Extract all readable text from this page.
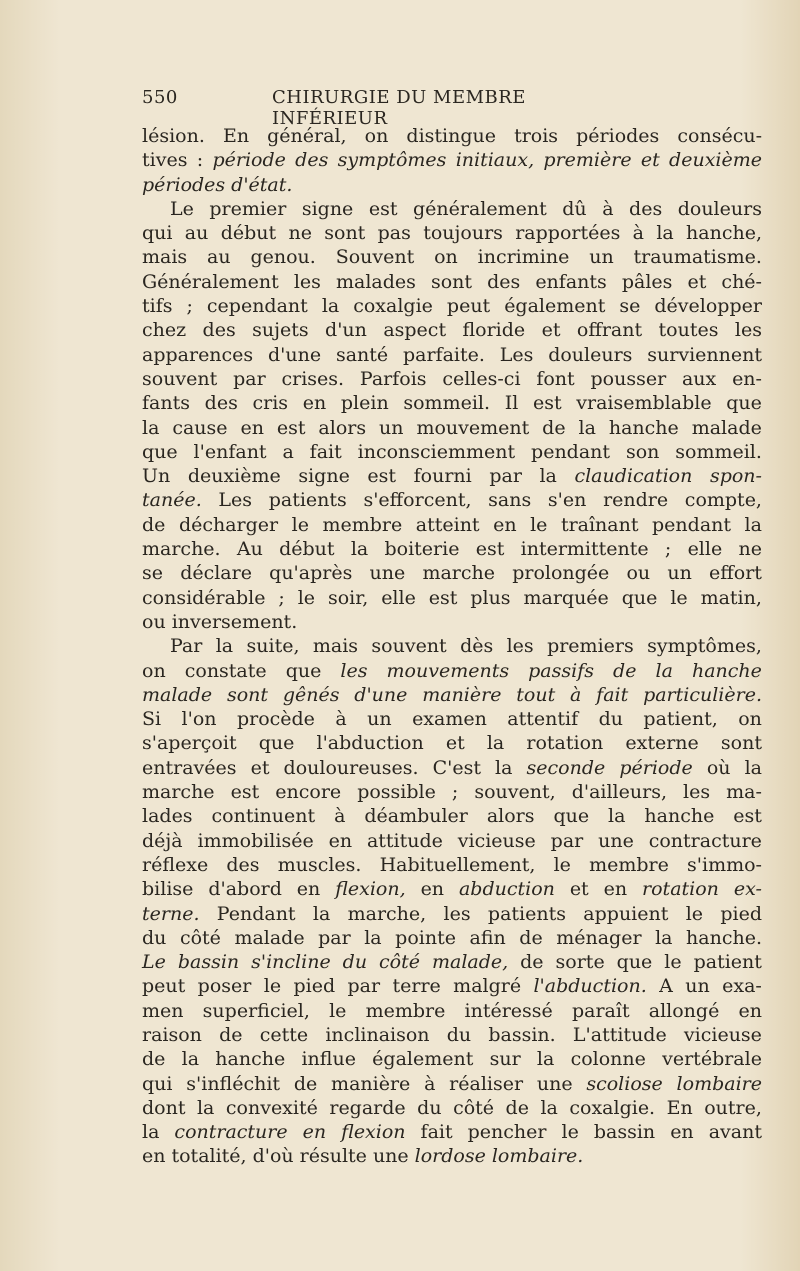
550	CHIRURGIE DU MEMBRE INFÉRIEUR
lésion. En général, on distingue trois périodes consécu-
tives : période des symptômes initiaux, première et deuxième
périodes d'état.
Le premier signe est généralement dû à des douleurs
qui au début ne sont pas toujours rapportées à la hanche,
mais au genou. Souvent on incrimine un traumatisme.
Généralement les malades sont des enfants pâles et ché-
tifs ; cependant la coxalgie peut également se développer
chez des sujets d'un aspect floride et offrant toutes les
apparences d'une santé parfaite. Les douleurs surviennent
souvent par crises. Parfois celles-ci font pousser aux en-
fants des cris en plein sommeil. Il est vraisemblable que
la cause en est alors un mouvement de la hanche malade
que l'enfant a fait inconsciemment pendant son sommeil.
Un deuxième signe est fourni par la claudication spon-
tanée. Les patients s'efforcent, sans s'en rendre compte,
de décharger le membre atteint en le traînant pendant la
marche. Au début la boiterie est intermittente ; elle ne
se déclare qu'après une marche prolongée ou un effort
considérable ; le soir, elle est plus marquée que le matin,
ou inversement.
Par la suite, mais souvent dès les premiers symptômes,
on constate que les mouvements passifs de la hanche
malade sont gênés d'une manière tout à fait particulière.
Si l'on procède à un examen attentif du patient, on
s'aperçoit que l'abduction et la rotation externe sont
entravées et douloureuses. C'est la seconde période où la
marche est encore possible ; souvent, d'ailleurs, les ma-
lades continuent à déambuler alors que la hanche est
déjà immobilisée en attitude vicieuse par une contracture
réflexe des muscles. Habituellement, le membre s'immo-
bilise d'abord en flexion, en abduction et en rotation ex-
terne. Pendant la marche, les patients appuient le pied
du côté malade par la pointe afin de ménager la hanche.
Le bassin s'incline du côté malade, de sorte que le patient
peut poser le pied par terre malgré l'abduction. A un exa-
men superficiel, le membre intéressé paraît allongé en
raison de cette inclinaison du bassin. L'attitude vicieuse
de la hanche influe également sur la colonne vertébrale
qui s'infléchit de manière à réaliser une scoliose lombaire
dont la convexité regarde du côté de la coxalgie. En outre,
la contracture en flexion fait pencher le bassin en avant
en totalité, d'où résulte une lordose lombaire.
